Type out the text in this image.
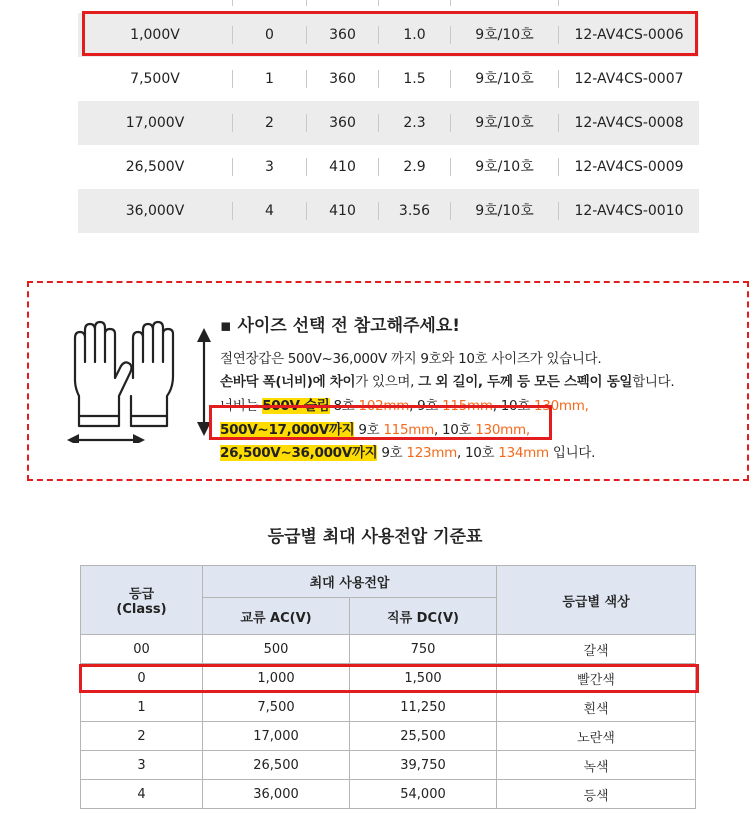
1,000V	0	360	1.0	9호/10호	12-AV4CS-0006
7,500V	1	360	1.5	9호/10호	12-AV4CS-0007
17,000V	2	360	2.3	9호/10호	12-AV4CS-0008
26,500V	3	410	2.9	9호/10호	12-AV4CS-0009
36,000V	4	410	3.56	9호/10호	12-AV4CS-0010
▪ 사이즈 선택 전 참고해주세요!
절연장갑은 500V~36,000V 까지 9호와 10호 사이즈가 있습니다.
손바닥 폭(너비)에 차이가 있으며, 그 외 길이, 두께 등 모든 스펙이 동일합니다.
너비는 500V 슬림 8호 102mm, 9호 115mm, 10호 130mm,
500V~17,000V까지 9호 115mm, 10호 130mm,
26,500V~36,000V까지 9호 123mm, 10호 134mm 입니다.
등급별 최대 사용전압 기준표
등급
(Class)	최대 사용전압		등급별 색상
	교류 AC(V)	직류 DC(V)	
00	500	750	갈색
0	1,000	1,500	빨간색
1	7,500	11,250	흰색
2	17,000	25,500	노란색
3	26,500	39,750	녹색
4	36,000	54,000	등색
